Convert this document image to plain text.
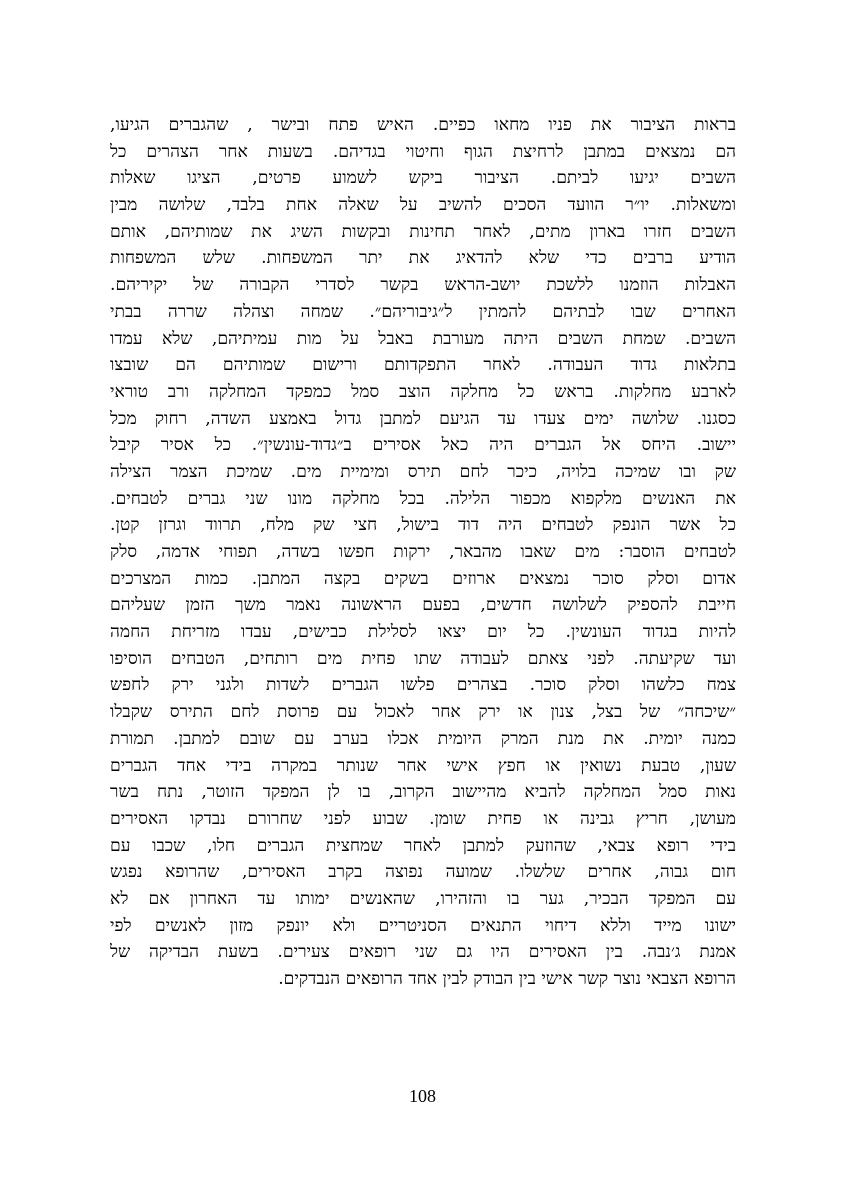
בראות הציבור את פניו מחאו כפיים. האיש פתח ובישר , שהגברים הגיעו,
הם נמצאים במתבן לרחיצת הגוף וחיטוי בגדיהם. בשעות אחר הצהרים כל
השבים יגיעו לביתם. הציבור ביקש לשמוע פרטים, הציגו שאלות
ומשאלות. יו״ר הוועד הסכים להשיב על שאלה אחת בלבד, שלושה מבין
השבים חזרו בארון מתים, לאחר תחינות ובקשות השיג את שמותיהם, אותם
הודיע ברבים כדי שלא להדאיג את יתר המשפחות. שלש המשפחות
האבלות הוזמנו ללשכת יושב-הראש בקשר לסדרי הקבורה של יקיריהם.
האחרים שבו לבתיהם להמתין ל״גיבוריהם״. שמחה וצהלה שררה בבתי
השבים. שמחת השבים היתה מעורבת באבל על מות עמיתיהם, שלא עמדו
בתלאות גדוד העבודה. לאחר התפקדותם ורישום שמותיהם הם שובצו
לארבע מחלקות. בראש כל מחלקה הוצב סמל כמפקד המחלקה ורב טוראי
כסגנו. שלושה ימים צעדו עד הגיעם למתבן גדול באמצע השדה, רחוק מכל
יישוב. היחס אל הגברים היה כאל אסירים ב״גדוד-עונשין״. כל אסיר קיבל
שק ובו שמיכה בלויה, כיכר לחם תירס ומימיית מים. שמיכת הצמר הצילה
את האנשים מלקפוא מכפור הלילה. בכל מחלקה מונו שני גברים לטבחים.
כל אשר הונפק לטבחים היה דוד בישול, חצי שק מלח, תרווד וגרזן קטן.
לטבחים הוסבר: מים שאבו מהבאר, ירקות חפשו בשדה, תפוחי אדמה, סלק
אדום וסלק סוכר נמצאים ארוזים בשקים בקצה המתבן. כמות המצרכים
חייבת להספיק לשלושה חדשים, בפעם הראשונה נאמר משך הזמן שעליהם
להיות בגדוד העונשין. כל יום יצאו לסלילת כבישים, עבדו מזריחת החמה
ועד שקיעתה. לפני צאתם לעבודה שתו פחית מים רותחים, הטבחים הוסיפו
צמח כלשהו וסלק סוכר. בצהרים פלשו הגברים לשדות ולגני ירק לחפש
״שיכחה״ של בצל, צנון או ירק אחר לאכול עם פרוסת לחם התירס שקבלו
כמנה יומית. את מנת המרק היומית אכלו בערב עם שובם למתבן. תמורת
שעון, טבעת נשואין או חפץ אישי אחר שנותר במקרה בידי אחד הגברים
נאות סמל המחלקה להביא מהיישוב הקרוב, בו לן המפקד הזוטר, נתח בשר
מעושן, חריץ גבינה או פחית שומן. שבוע לפני שחרורם נבדקו האסירים
בידי רופא צבאי, שהוזעק למתבן לאחר שמחצית הגברים חלו, שכבו עם
חום גבוה, אחרים שלשלו. שמועה נפוצה בקרב האסירים, שהרופא נפגש
עם המפקד הבכיר, גער בו והזהירו, שהאנשים ימותו עד האחרון אם לא
ישונו מייד וללא דיחוי התנאים הסניטריים ולא יונפק מזון לאנשים לפי
אמנת ג׳נבה. בין האסירים היו גם שני רופאים צעירים. בשעת הבדיקה של
הרופא הצבאי נוצר קשר אישי בין הבודק לבין אחד הרופאים הנבדקים.
108
